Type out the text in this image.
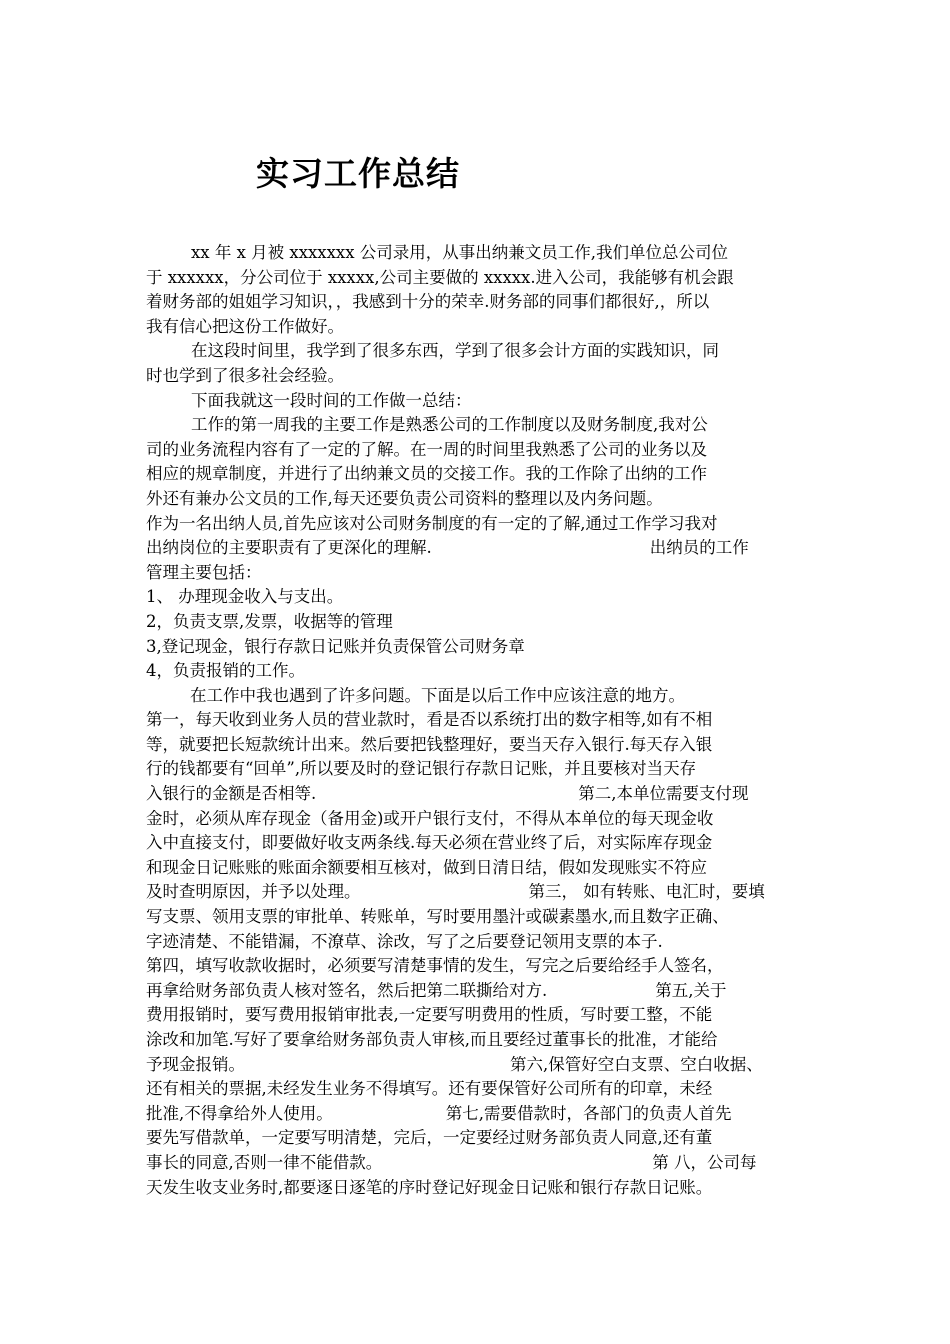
实习工作总结
xx 年 x 月被 xxxxxxx 公司录用，从事出纳兼文员工作,我们单位总公司位
于 xxxxxx，分公司位于 xxxxx,公司主要做的 xxxxx.进入公司，我能够有机会跟
着财务部的姐姐学习知识，，我感到十分的荣幸.财务部的同事们都很好,，所以
我有信心把这份工作做好。
在这段时间里，我学到了很多东西，学到了很多会计方面的实践知识，同
时也学到了很多社会经验。
下面我就这一段时间的工作做一总结：
工作的第一周我的主要工作是熟悉公司的工作制度以及财务制度,我对公
司的业务流程内容有了一定的了解。在一周的时间里我熟悉了公司的业务以及
相应的规章制度，并进行了出纳兼文员的交接工作。我的工作除了出纳的工作
外还有兼办公文员的工作,每天还要负责公司资料的整理以及内务问题。
作为一名出纳人员,首先应该对公司财务制度的有一定的了解,通过工作学习我对
出纳岗位的主要职责有了更深化的理解.	出纳员的工作
管理主要包括：
1、 办理现金收入与支出。
2，负责支票,发票，收据等的管理
3,登记现金，银行存款日记账并负责保管公司财务章
4，负责报销的工作。
在工作中我也遇到了许多问题。下面是以后工作中应该注意的地方。
第一，每天收到业务人员的营业款时，看是否以系统打出的数字相等,如有不相
等，就要把长短款统计出来。然后要把钱整理好，要当天存入银行.每天存入银
行的钱都要有“回单”,所以要及时的登记银行存款日记账，并且要核对当天存
入银行的金额是否相等.	第二,本单位需要支付现
金时，必须从库存现金（备用金)或开户银行支付，不得从本单位的每天现金收
入中直接支付，即要做好收支两条线.每天必须在营业终了后，对实际库存现金
和现金日记账账的账面余额要相互核对，做到日清日结，假如发现账实不符应
及时查明原因，并予以处理。	第三， 如有转账、电汇时，要填
写支票、领用支票的审批单、转账单，写时要用墨汁或碳素墨水,而且数字正确、
字迹清楚、不能错漏，不潦草、涂改，写了之后要登记领用支票的本子.
第四，填写收款收据时，必须要写清楚事情的发生，写完之后要给经手人签名，
再拿给财务部负责人核对签名，然后把第二联撕给对方.	第五,关于
费用报销时，要写费用报销审批表,一定要写明费用的性质，写时要工整，不能
涂改和加笔.写好了要拿给财务部负责人审核,而且要经过董事长的批准，才能给
予现金报销。	第六,保管好空白支票、空白收据、
还有相关的票据,未经发生业务不得填写。还有要保管好公司所有的印章，未经
批准,不得拿给外人使用。	第七,需要借款时，各部门的负责人首先
要先写借款单，一定要写明清楚，完后，一定要经过财务部负责人同意,还有董
事长的同意,否则一律不能借款。	第 八，公司每
天发生收支业务时,都要逐日逐笔的序时登记好现金日记账和银行存款日记账。
